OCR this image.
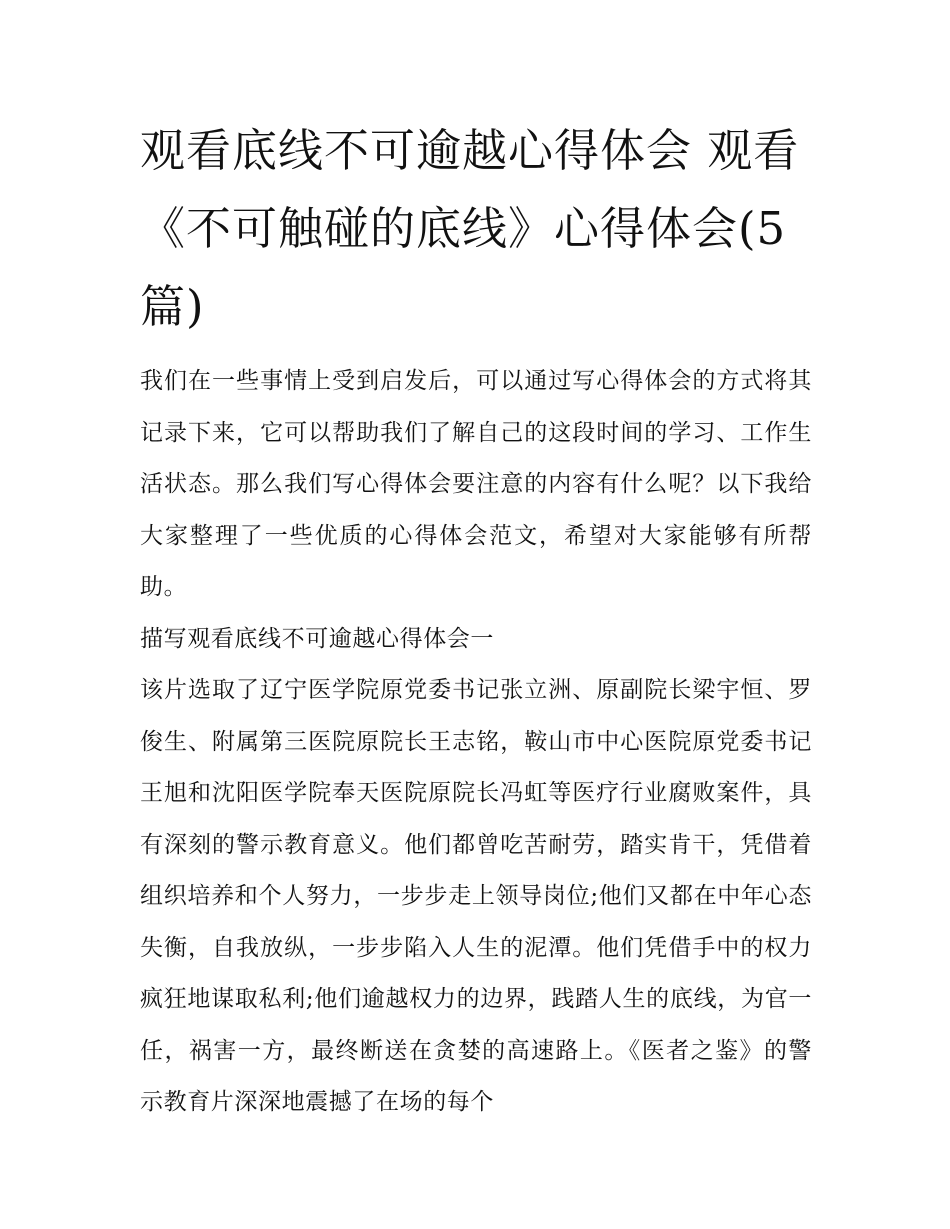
观看底线不可逾越心得体会 观看《不可触碰的底线》心得体会(5篇)

我们在一些事情上受到启发后，可以通过写心得体会的方式将其记录下来，它可以帮助我们了解自己的这段时间的学习、工作生活状态。那么我们写心得体会要注意的内容有什么呢？以下我给大家整理了一些优质的心得体会范文，希望对大家能够有所帮助。

描写观看底线不可逾越心得体会一

该片选取了辽宁医学院原党委书记张立洲、原副院长梁宇恒、罗俊生、附属第三医院原院长王志铭，鞍山市中心医院原党委书记王旭和沈阳医学院奉天医院原院长冯虹等医疗行业腐败案件，具有深刻的警示教育意义。他们都曾吃苦耐劳，踏实肯干，凭借着组织培养和个人努力，一步步走上领导岗位;他们又都在中年心态失衡，自我放纵，一步步陷入人生的泥潭。他们凭借手中的权力疯狂地谋取私利;他们逾越权力的边界，践踏人生的底线，为官一任，祸害一方，最终断送在贪婪的高速路上。《医者之鉴》的警示教育片深深地震撼了在场的每个
